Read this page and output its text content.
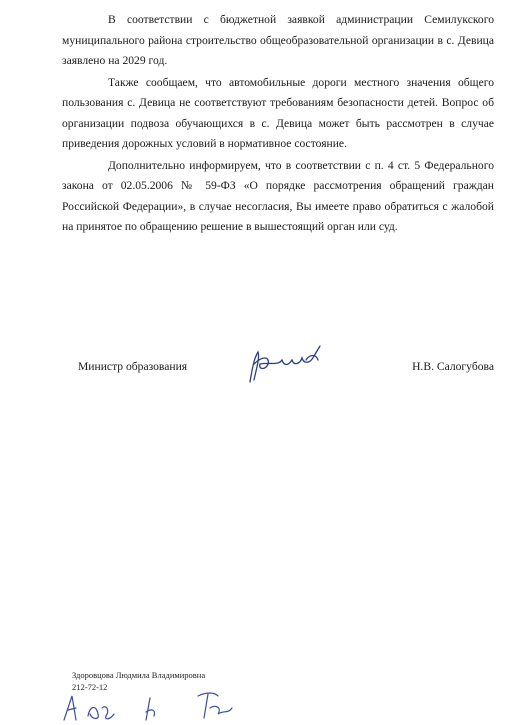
В соответствии с бюджетной заявкой администрации Семилукского муниципального района строительство общеобразовательной организации в с. Девица заявлено на 2029 год.

Также сообщаем, что автомобильные дороги местного значения общего пользования с. Девица не соответствуют требованиям безопасности детей. Вопрос об организации подвоза обучающихся в с. Девица может быть рассмотрен в случае приведения дорожных условий в нормативное состояние.

Дополнительно информируем, что в соответствии с п. 4 ст. 5 Федерального закона от 02.05.2006 № 59-ФЗ «О порядке рассмотрения обращений граждан Российской Федерации», в случае несогласия, Вы имеете право обратиться с жалобой на принятое по обращению решение в вышестоящий орган или суд.

Министр образования	Н.В. Салогубова
Здоровцова Людмила Владимировна
212-72-12
